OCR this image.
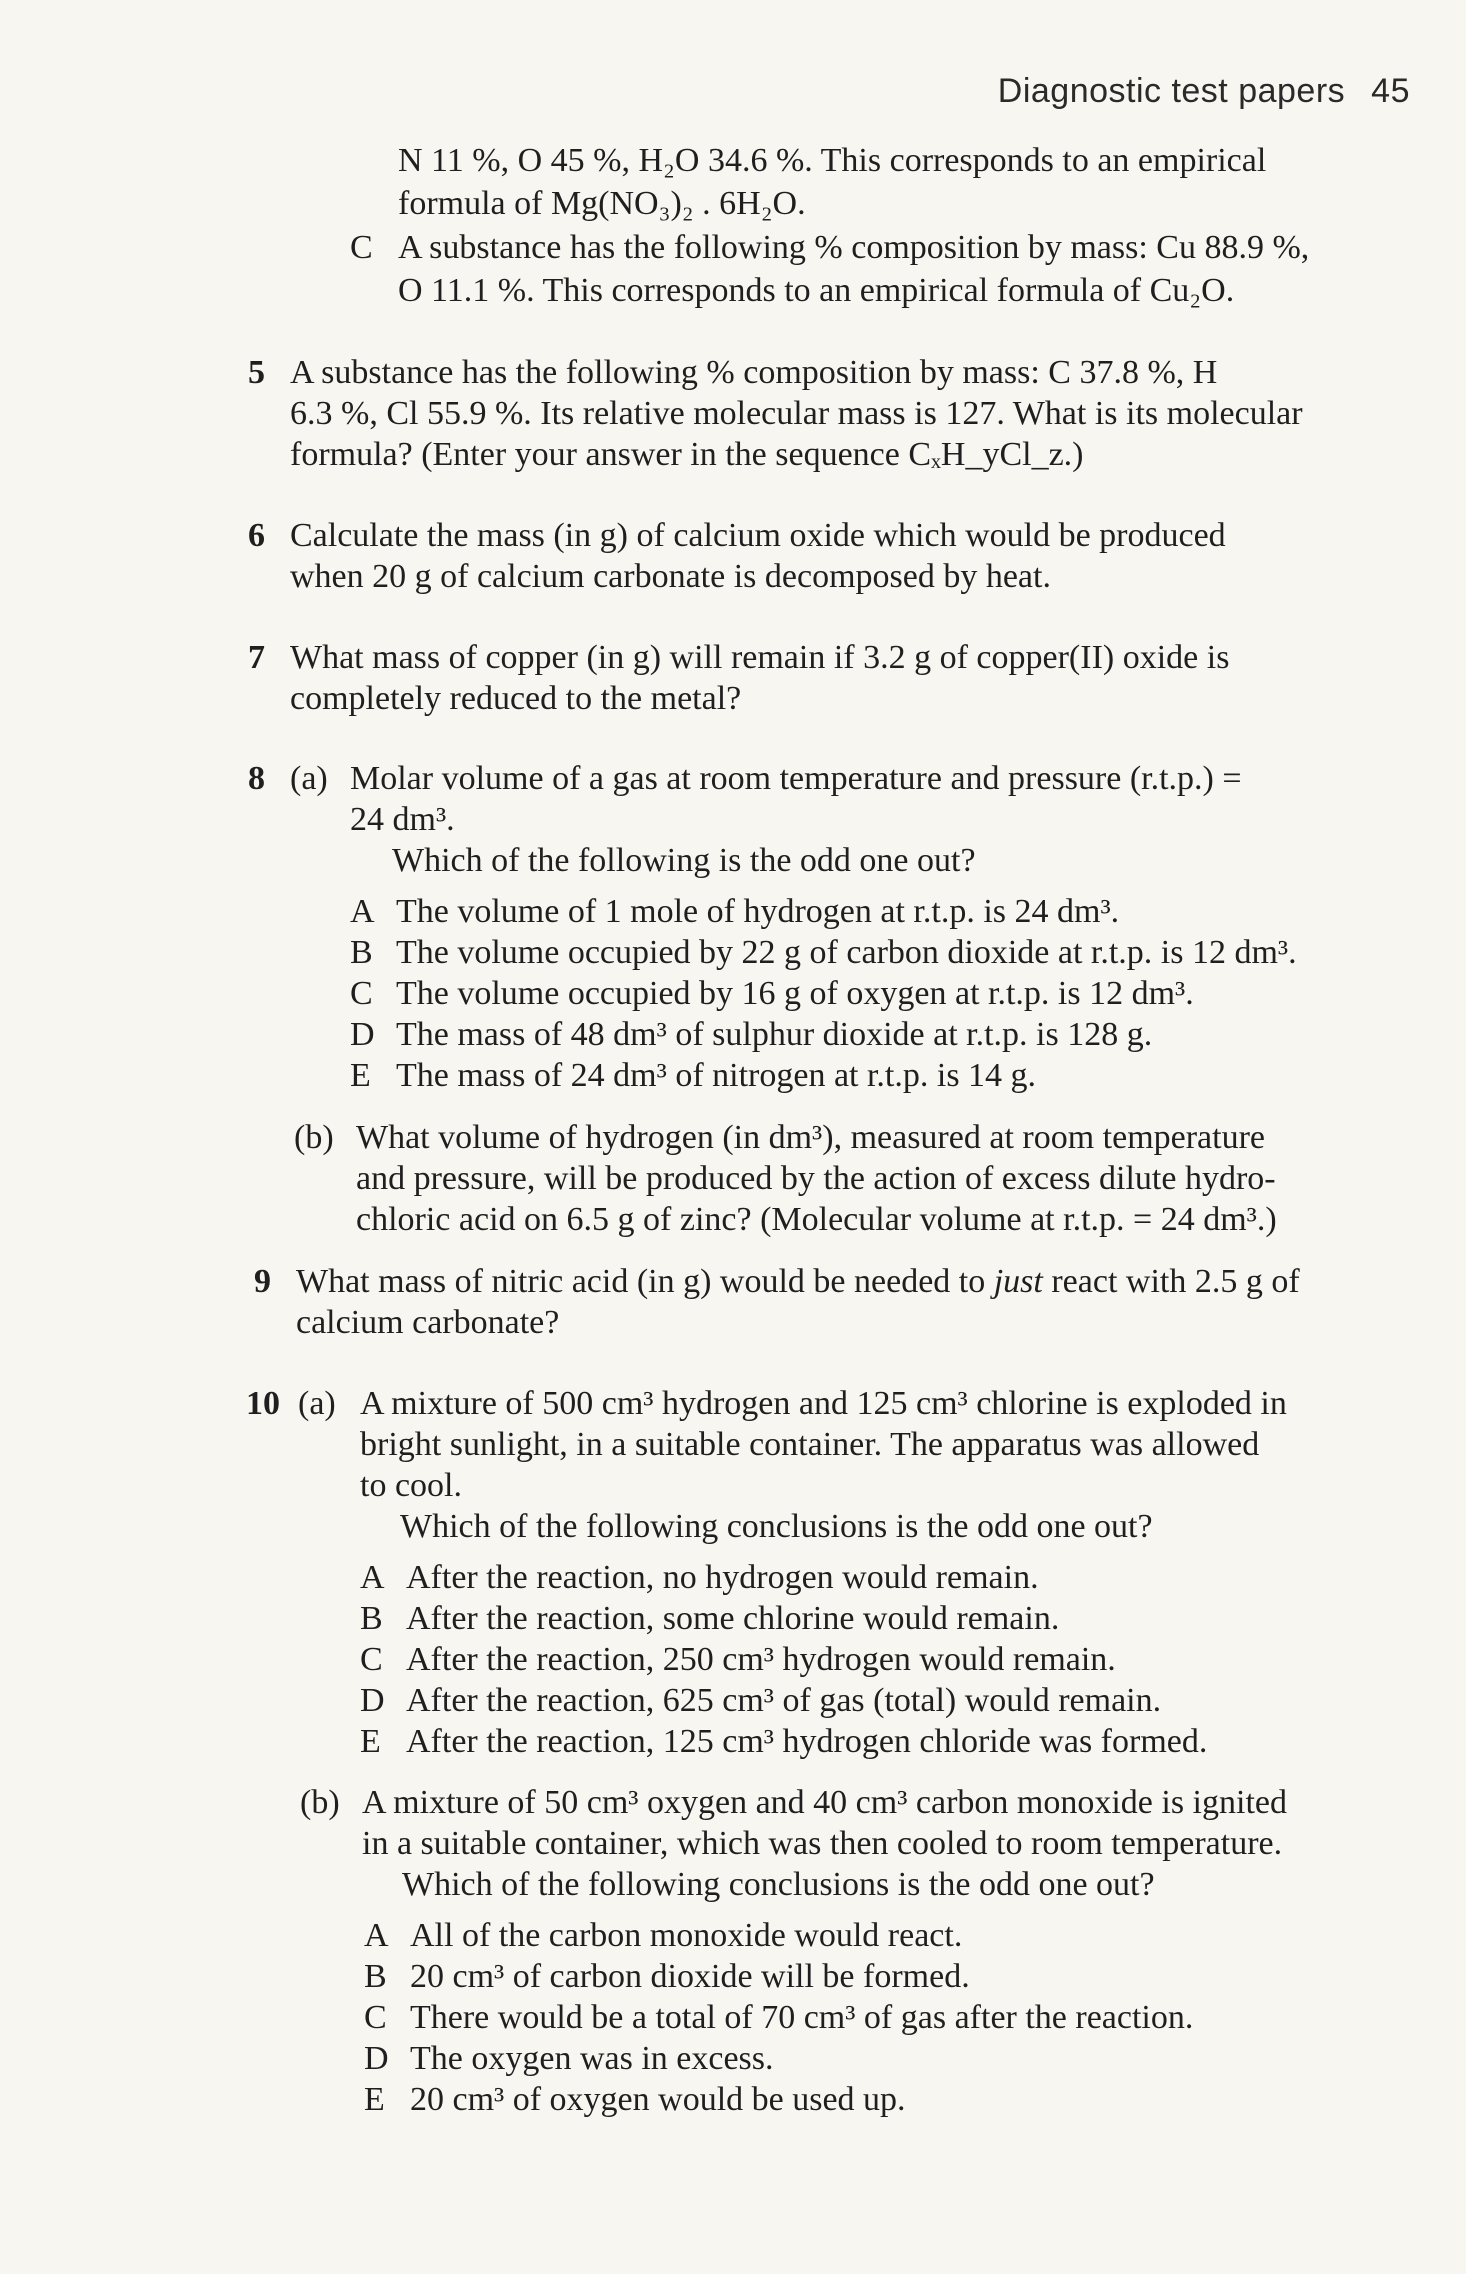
Diagnostic test papers 45
N 11 %, O 45 %, H₂O 34.6 %. This corresponds to an empirical
formula of Mg(NO₃)₂ . 6H₂O.
C A substance has the following % composition by mass: Cu 88.9 %,
O 11.1 %. This corresponds to an empirical formula of Cu₂O.
5 A substance has the following % composition by mass: C 37.8 %, H
6.3 %, Cl 55.9 %. Its relative molecular mass is 127. What is its molecular
formula? (Enter your answer in the sequence CₓH_yCl_z.)
6 Calculate the mass (in g) of calcium oxide which would be produced
when 20 g of calcium carbonate is decomposed by heat.
7 What mass of copper (in g) will remain if 3.2 g of copper(II) oxide is
completely reduced to the metal?
8 (a) Molar volume of a gas at room temperature and pressure (r.t.p.) =
24 dm³.
Which of the following is the odd one out?
A The volume of 1 mole of hydrogen at r.t.p. is 24 dm³.
B The volume occupied by 22 g of carbon dioxide at r.t.p. is 12 dm³.
C The volume occupied by 16 g of oxygen at r.t.p. is 12 dm³.
D The mass of 48 dm³ of sulphur dioxide at r.t.p. is 128 g.
E The mass of 24 dm³ of nitrogen at r.t.p. is 14 g.
(b) What volume of hydrogen (in dm³), measured at room temperature
and pressure, will be produced by the action of excess dilute hydro-
chloric acid on 6.5 g of zinc? (Molecular volume at r.t.p. = 24 dm³.)
9 What mass of nitric acid (in g) would be needed to just react with 2.5 g of
calcium carbonate?
10 (a) A mixture of 500 cm³ hydrogen and 125 cm³ chlorine is exploded in
bright sunlight, in a suitable container. The apparatus was allowed
to cool.
Which of the following conclusions is the odd one out?
A After the reaction, no hydrogen would remain.
B After the reaction, some chlorine would remain.
C After the reaction, 250 cm³ hydrogen would remain.
D After the reaction, 625 cm³ of gas (total) would remain.
E After the reaction, 125 cm³ hydrogen chloride was formed.
(b) A mixture of 50 cm³ oxygen and 40 cm³ carbon monoxide is ignited
in a suitable container, which was then cooled to room temperature.
Which of the following conclusions is the odd one out?
A All of the carbon monoxide would react.
B 20 cm³ of carbon dioxide will be formed.
C There would be a total of 70 cm³ of gas after the reaction.
D The oxygen was in excess.
E 20 cm³ of oxygen would be used up.
